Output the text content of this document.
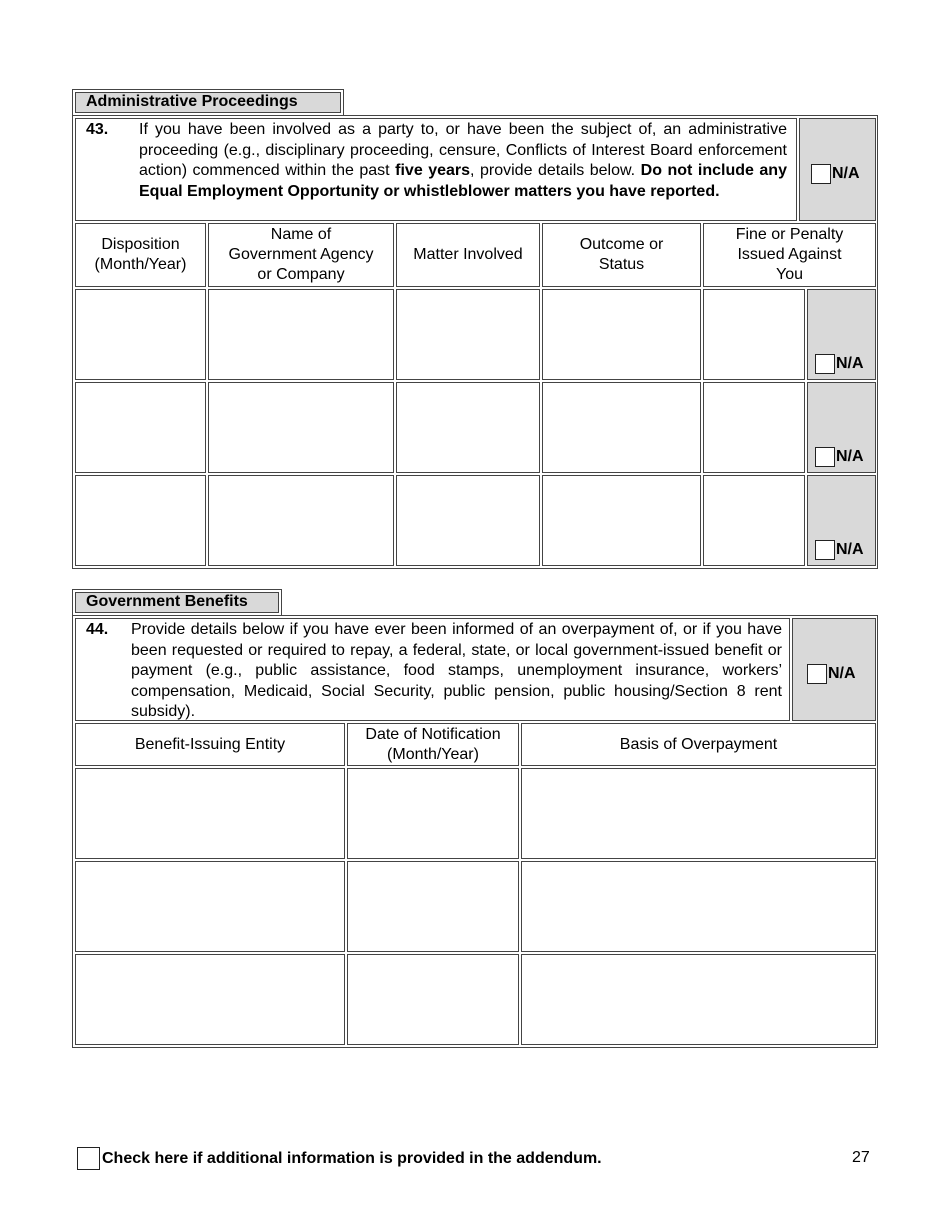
Administrative Proceedings
43. If you have been involved as a party to, or have been the subject of, an administrative proceeding (e.g., disciplinary proceeding, censure, Conflicts of Interest Board enforcement action) commenced within the past five years, provide details below. Do not include any Equal Employment Opportunity or whistleblower matters you have reported.
N/A
Disposition
(Month/Year)
Name of
Government Agency
or Company
Matter Involved
Outcome or
Status
Fine or Penalty
Issued Against
You
N/A
N/A
N/A
Government Benefits
44. Provide details below if you have ever been informed of an overpayment of, or if you have been requested or required to repay, a federal, state, or local government-issued benefit or payment (e.g., public assistance, food stamps, unemployment insurance, workers’ compensation, Medicaid, Social Security, public pension, public housing/Section 8 rent subsidy).
N/A
Benefit-Issuing Entity
Date of Notification
(Month/Year)
Basis of Overpayment
Check here if additional information is provided in the addendum.	27
